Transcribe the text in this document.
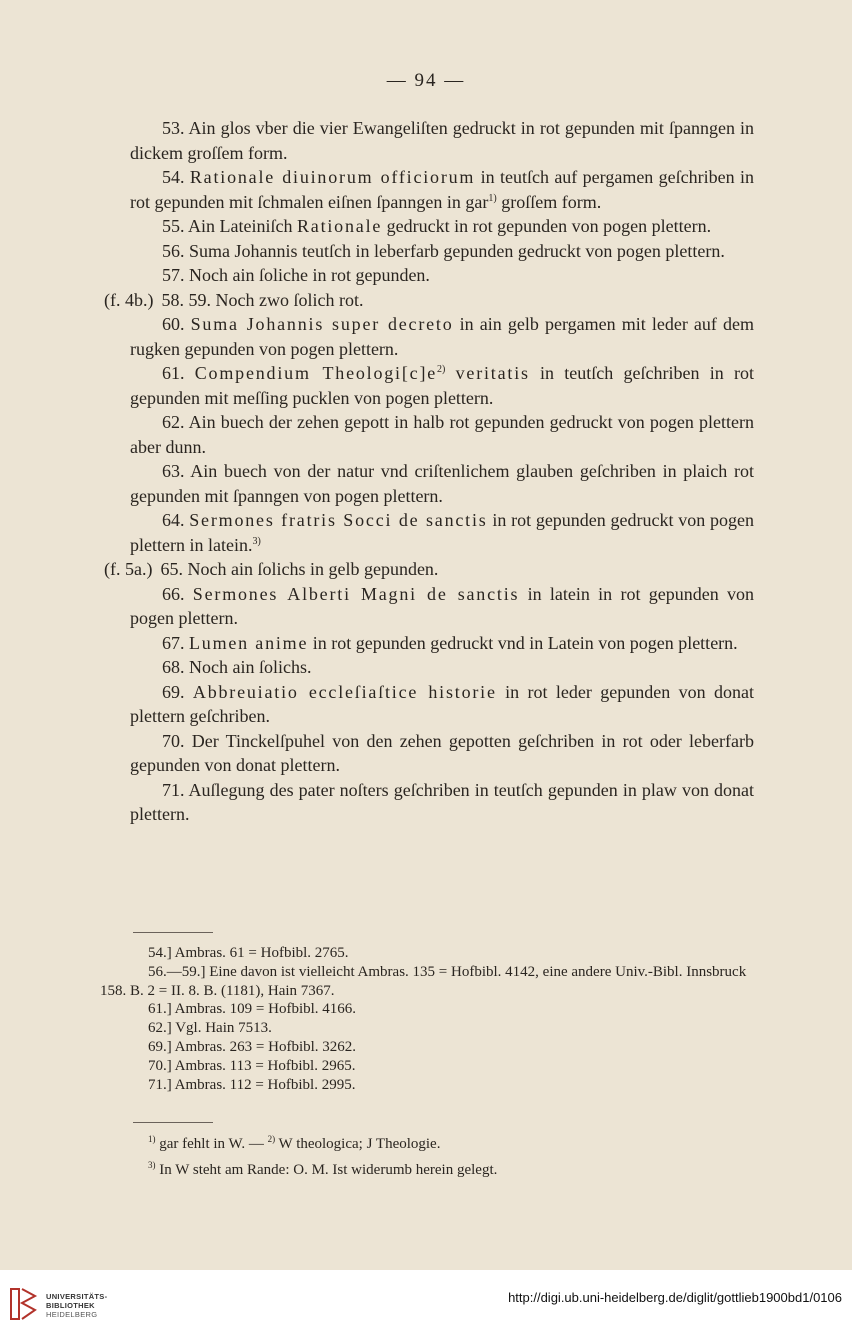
— 94 —

53. Ain glos vber die vier Ewangeliſten gedruckt in rot gepunden mit ſpanngen in dickem groſſem form.

54. Rationale diuinorum officiorum in teutſch auf pergamen geſchriben in rot gepunden mit ſchmalen eiſnen ſpanngen in gar$^{1)}$ groſſem form.

55. Ain Lateiniſch Rationale gedruckt in rot gepunden von pogen plettern.

56. Suma Johannis teutſch in leberfarb gepunden gedruckt von pogen plettern.

57. Noch ain ſoliche in rot gepunden.

(f. 4b.) 58. 59. Noch zwo ſolich rot.

60. Suma Johannis super decreto in ain gelb pergamen mit leder auf dem rugken gepunden von pogen plettern.

61. Compendium $Theologi[c]e^{2)}$ veritatis in teutſch geſchriben in rot gepunden mit meſſing pucklen von pogen plettern.

62. Ain buech der zehen gepott in halb rot gepunden gedruckt von pogen plettern aber dunn.

63. Ain buech von der natur vnd criſtenlichem glauben geſchriben in plaich rot gepunden mit ſpanngen von pogen plettern.

64. Sermones fratris Socci de sanctis in rot gepunden gedruckt von pogen plettern in latein.$^{3)}$

(f. 5a.) 65. Noch ain ſolichs in gelb gepunden.

66. Sermones Alberti Magni de sanctis in latein in rot gepunden von pogen plettern.

67. Lumen anime in rot gepunden gedruckt vnd in Latein von pogen plettern.

68. Noch ain ſolichs.

69. Abbreuiatio eccleſiaſtice historie in rot leder gepunden von donat plettern geſchriben.

70. Der Tinckelſpuhel von den zehen gepotten geſchriben in rot oder leberfarb gepunden von donat plettern.

71. Auſlegung des pater noſters geſchriben in teutſch gepunden in plaw von donat plettern.

54.] Ambras. 61 = Hofbibl. 2765.

56.—59.] Eine davon ist vielleicht Ambras. 135 = Hofbibl. 4142, eine andere Univ.-Bibl. Innsbruck 158. B. 2 = II. 8. B. (1181), Hain 7367.

61.] Ambras. 109 = Hofbibl. 4166.

62.] Vgl. Hain 7513.

69.] Ambras. 263 = Hofbibl. 3262.

70.] Ambras. 113 = Hofbibl. 2965.

71.] Ambras. 112 = Hofbibl. 2995.

$^{1)}$ gar fehlt in W. — $^{2)}$ W theologica; J Theologie.

$^{3)}$ In W steht am Rande: O. M. Ist widerumb herein gelegt.

UNIVERSITÄTS-
BIBLIOTHEK
HEIDELBERG
http://digi.ub.uni-heidelberg.de/diglit/gottlieb1900bd1/0106
